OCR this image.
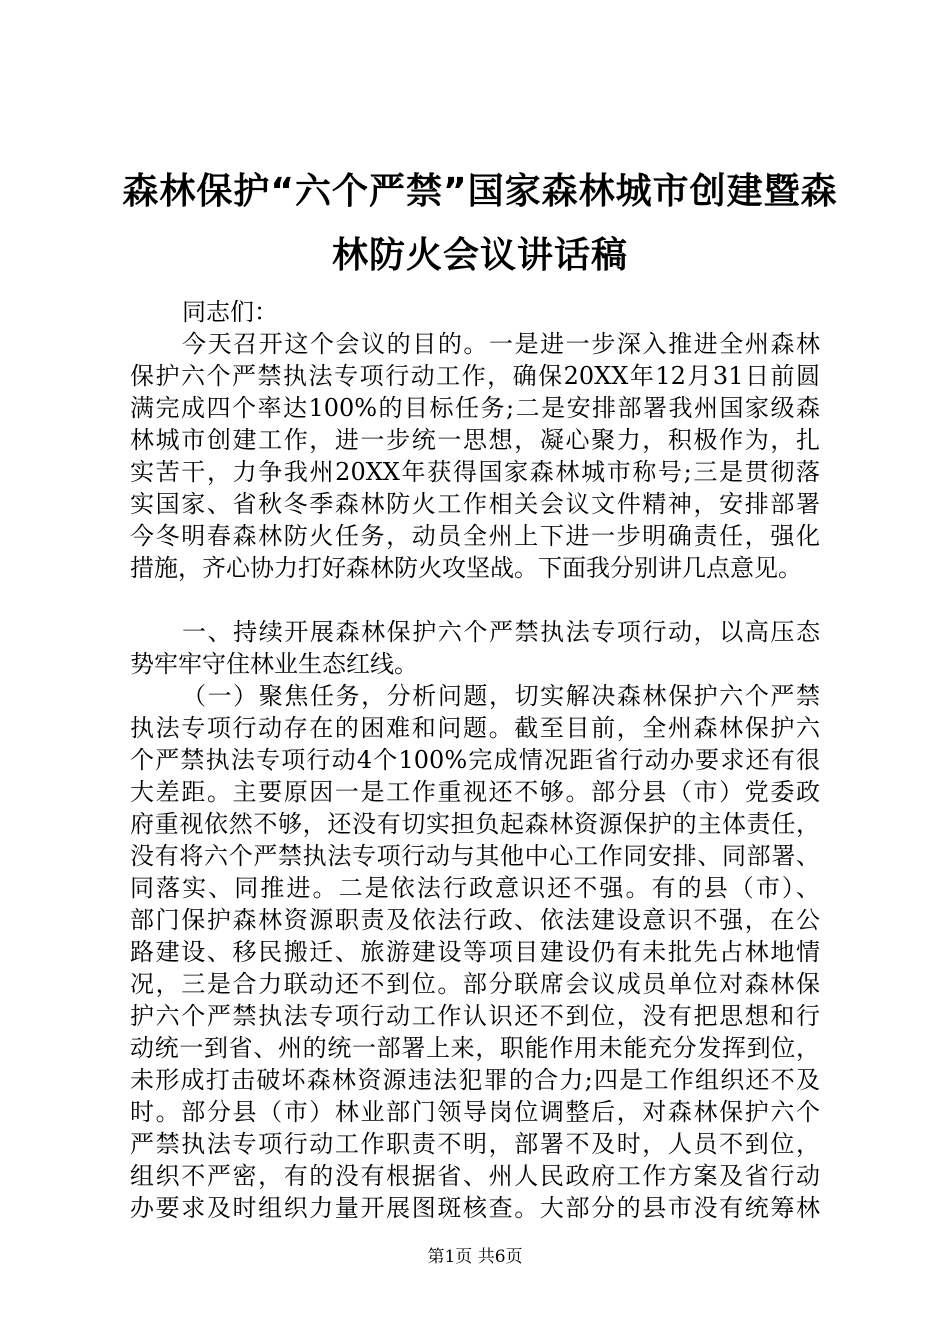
森林保护“六个严禁”国家森林城市创建暨森
林防火会议讲话稿

同志们：

今天召开这个会议的目的。一是进一步深入推进全州森林
保护六个严禁执法专项行动工作，确保20XX年12月31日前圆
满完成四个率达100%的目标任务;二是安排部署我州国家级森
林城市创建工作，进一步统一思想，凝心聚力，积极作为，扎
实苦干，力争我州20XX年获得国家森林城市称号;三是贯彻落
实国家、省秋冬季森林防火工作相关会议文件精神，安排部署
今冬明春森林防火任务，动员全州上下进一步明确责任，强化
措施，齐心协力打好森林防火攻坚战。下面我分别讲几点意见。

一、持续开展森林保护六个严禁执法专项行动，以高压态
势牢牢守住林业生态红线。

（一）聚焦任务，分析问题，切实解决森林保护六个严禁
执法专项行动存在的困难和问题。截至目前，全州森林保护六
个严禁执法专项行动4个100%完成情况距省行动办要求还有很
大差距。主要原因一是工作重视还不够。部分县（市）党委政
府重视依然不够，还没有切实担负起森林资源保护的主体责任，
没有将六个严禁执法专项行动与其他中心工作同安排、同部署、
同落实、同推进。二是依法行政意识还不强。有的县（市）、
部门保护森林资源职责及依法行政、依法建设意识不强，在公
路建设、移民搬迁、旅游建设等项目建设仍有未批先占林地情
况，三是合力联动还不到位。部分联席会议成员单位对森林保
护六个严禁执法专项行动工作认识还不到位，没有把思想和行
动统一到省、州的统一部署上来，职能作用未能充分发挥到位，
未形成打击破坏森林资源违法犯罪的合力;四是工作组织还不及
时。部分县（市）林业部门领导岗位调整后，对森林保护六个
严禁执法专项行动工作职责不明，部署不及时，人员不到位，
组织不严密，有的没有根据省、州人民政府工作方案及省行动
办要求及时组织力量开展图斑核查。大部分的县市没有统筹林

第1页 共6页
